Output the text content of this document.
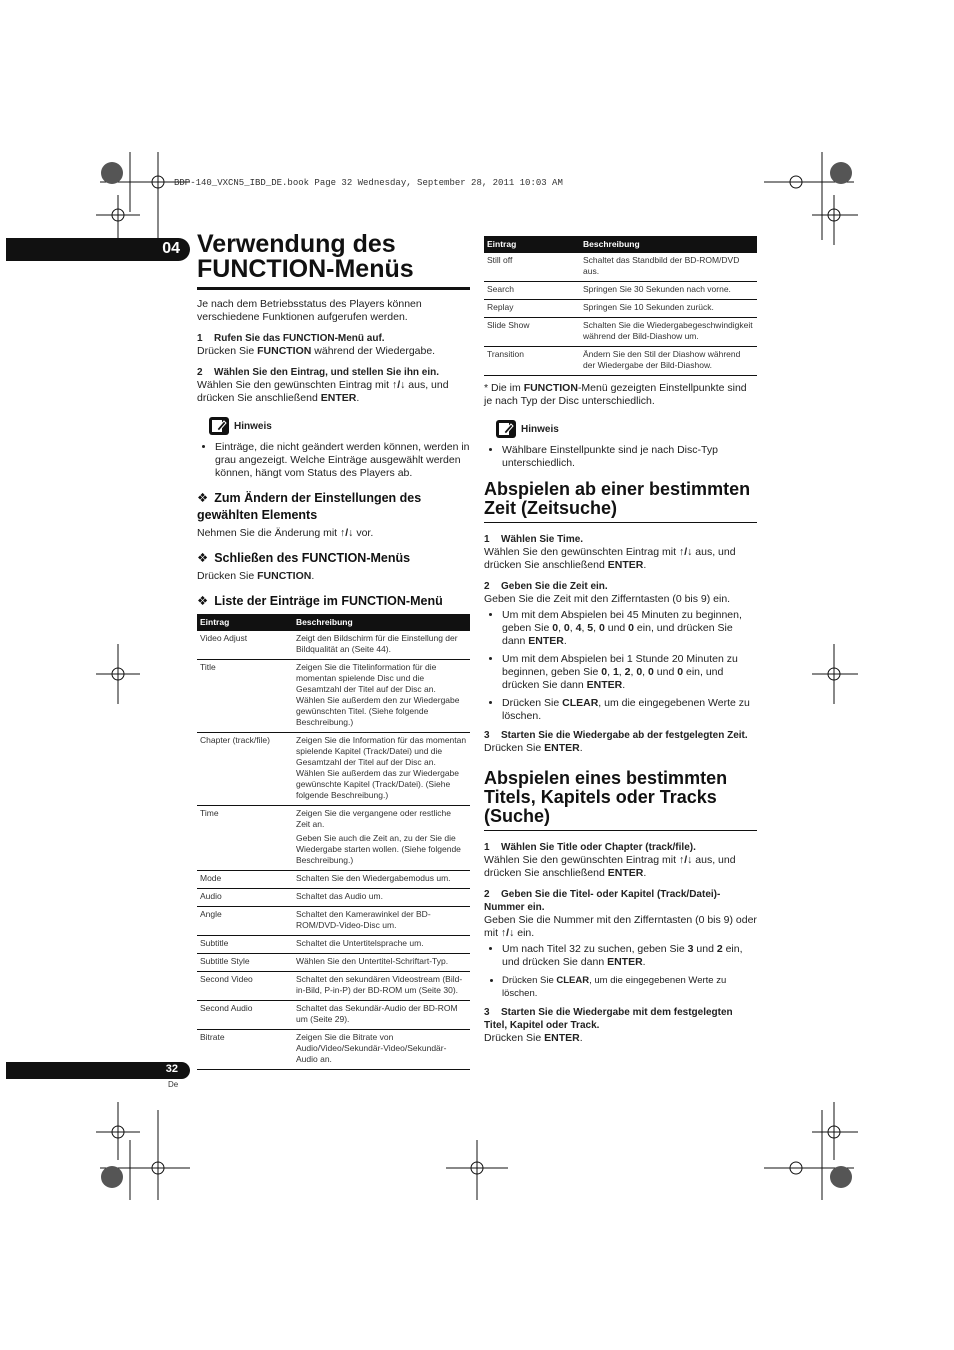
BDP-140_VXCN5_IBD_DE.book Page 32 Wednesday, September 28, 2011 10:03 AM
04
32
De
Verwendung des
FUNCTION-Menüs

Je nach dem Betriebsstatus des Players können verschiedene Funktionen aufgerufen werden.

1 Rufen Sie das FUNCTION-Menü auf.

Drücken Sie FUNCTION während der Wiedergabe.

2 Wählen Sie den Eintrag, und stellen Sie ihn ein.

Wählen Sie den gewünschten Eintrag mit ↑/↓ aus, und drücken Sie anschließend ENTER.

Hinweis
• Einträge, die nicht geändert werden können, werden in grau angezeigt. Welche Einträge ausgewählt werden können, hängt vom Status des Players ab.
❖ Zum Ändern der Einstellungen des gewählten Elements

Nehmen Sie die Änderung mit ↑/↓ vor.

❖ Schließen des FUNCTION-Menüs

Drücken Sie FUNCTION.

❖ Liste der Einträge im FUNCTION-Menü
Eintrag	Beschreibung
Video Adjust	Zeigt den Bildschirm für die Einstellung der Bildqualität an (Seite 44).
Title	Zeigen Sie die Titelinformation für die momentan spielende Disc und die Gesamtzahl der Titel auf der Disc an. Wählen Sie außerdem den zur Wiedergabe gewünschten Titel. (Siehe folgende Beschreibung.)
Chapter (track/file)	Zeigen Sie die Information für das momentan spielende Kapitel (Track/Datei) und die Gesamtzahl der Titel auf der Disc an. Wählen Sie außerdem das zur Wiedergabe gewünschte Kapitel (Track/Datei). (Siehe folgende Beschreibung.)
Time	Zeigen Sie die vergangene oder restliche Zeit an.
Geben Sie auch die Zeit an, zu der Sie die Wiedergabe starten wollen. (Siehe folgende Beschreibung.)

Mode	Schalten Sie den Wiedergabemodus um.
Audio	Schaltet das Audio um.
Angle	Schaltet den Kamerawinkel der BD-ROM/DVD-Video-Disc um.
Subtitle	Schaltet die Untertitelsprache um.
Subtitle Style	Wählen Sie den Untertitel-Schriftart-Typ.
Second Video	Schaltet den sekundären Videostream (Bild-in-Bild, P-in-P) der BD-ROM um (Seite 30).
Second Audio	Schaltet das Sekundär-Audio der BD-ROM um (Seite 29).
Bitrate	Zeigen Sie die Bitrate von Audio/Video/Sekundär-Video/Sekundär-Audio an.
Eintrag	Beschreibung
Still off	Schaltet das Standbild der BD-ROM/DVD aus.
Search	Springen Sie 30 Sekunden nach vorne.
Replay	Springen Sie 10 Sekunden zurück.
Slide Show	Schalten Sie die Wiedergabegeschwindigkeit während der Bild-Diashow um.
Transition	Ändern Sie den Stil der Diashow während der Wiedergabe der Bild-Diashow.

* Die im FUNCTION-Menü gezeigten Einstellpunkte sind je nach Typ der Disc unterschiedlich.

Hinweis
• Wählbare Einstellpunkte sind je nach Disc-Typ unterschiedlich.
Abspielen ab einer bestimmten Zeit (Zeitsuche)
1 Wählen Sie Time.

Wählen Sie den gewünschten Eintrag mit ↑/↓ aus, und drücken Sie anschließend ENTER.

2 Geben Sie die Zeit ein.

Geben Sie die Zeit mit den Zifferntasten (0 bis 9) ein.

• Um mit dem Abspielen bei 45 Minuten zu beginnen, geben Sie 0, 0, 4, 5, 0 und 0 ein, und drücken Sie dann ENTER.
• Um mit dem Abspielen bei 1 Stunde 20 Minuten zu beginnen, geben Sie 0, 1, 2, 0, 0 und 0 ein, und drücken Sie dann ENTER.
• Drücken Sie CLEAR, um die eingegebenen Werte zu löschen.
3 Starten Sie die Wiedergabe ab der festgelegten Zeit.

Drücken Sie ENTER.

Abspielen eines bestimmten Titels, Kapitels oder Tracks (Suche)
1 Wählen Sie Title oder Chapter (track/file).

Wählen Sie den gewünschten Eintrag mit ↑/↓ aus, und drücken Sie anschließend ENTER.

2 Geben Sie die Titel- oder Kapitel (Track/Datei)-Nummer ein.

Geben Sie die Nummer mit den Zifferntasten (0 bis 9) oder mit ↑/↓ ein.

• Um nach Titel 32 zu suchen, geben Sie 3 und 2 ein, und drücken Sie dann ENTER.
• Drücken Sie CLEAR, um die eingegebenen Werte zu löschen.
3 Starten Sie die Wiedergabe mit dem festgelegten Titel, Kapitel oder Track.

Drücken Sie ENTER.
